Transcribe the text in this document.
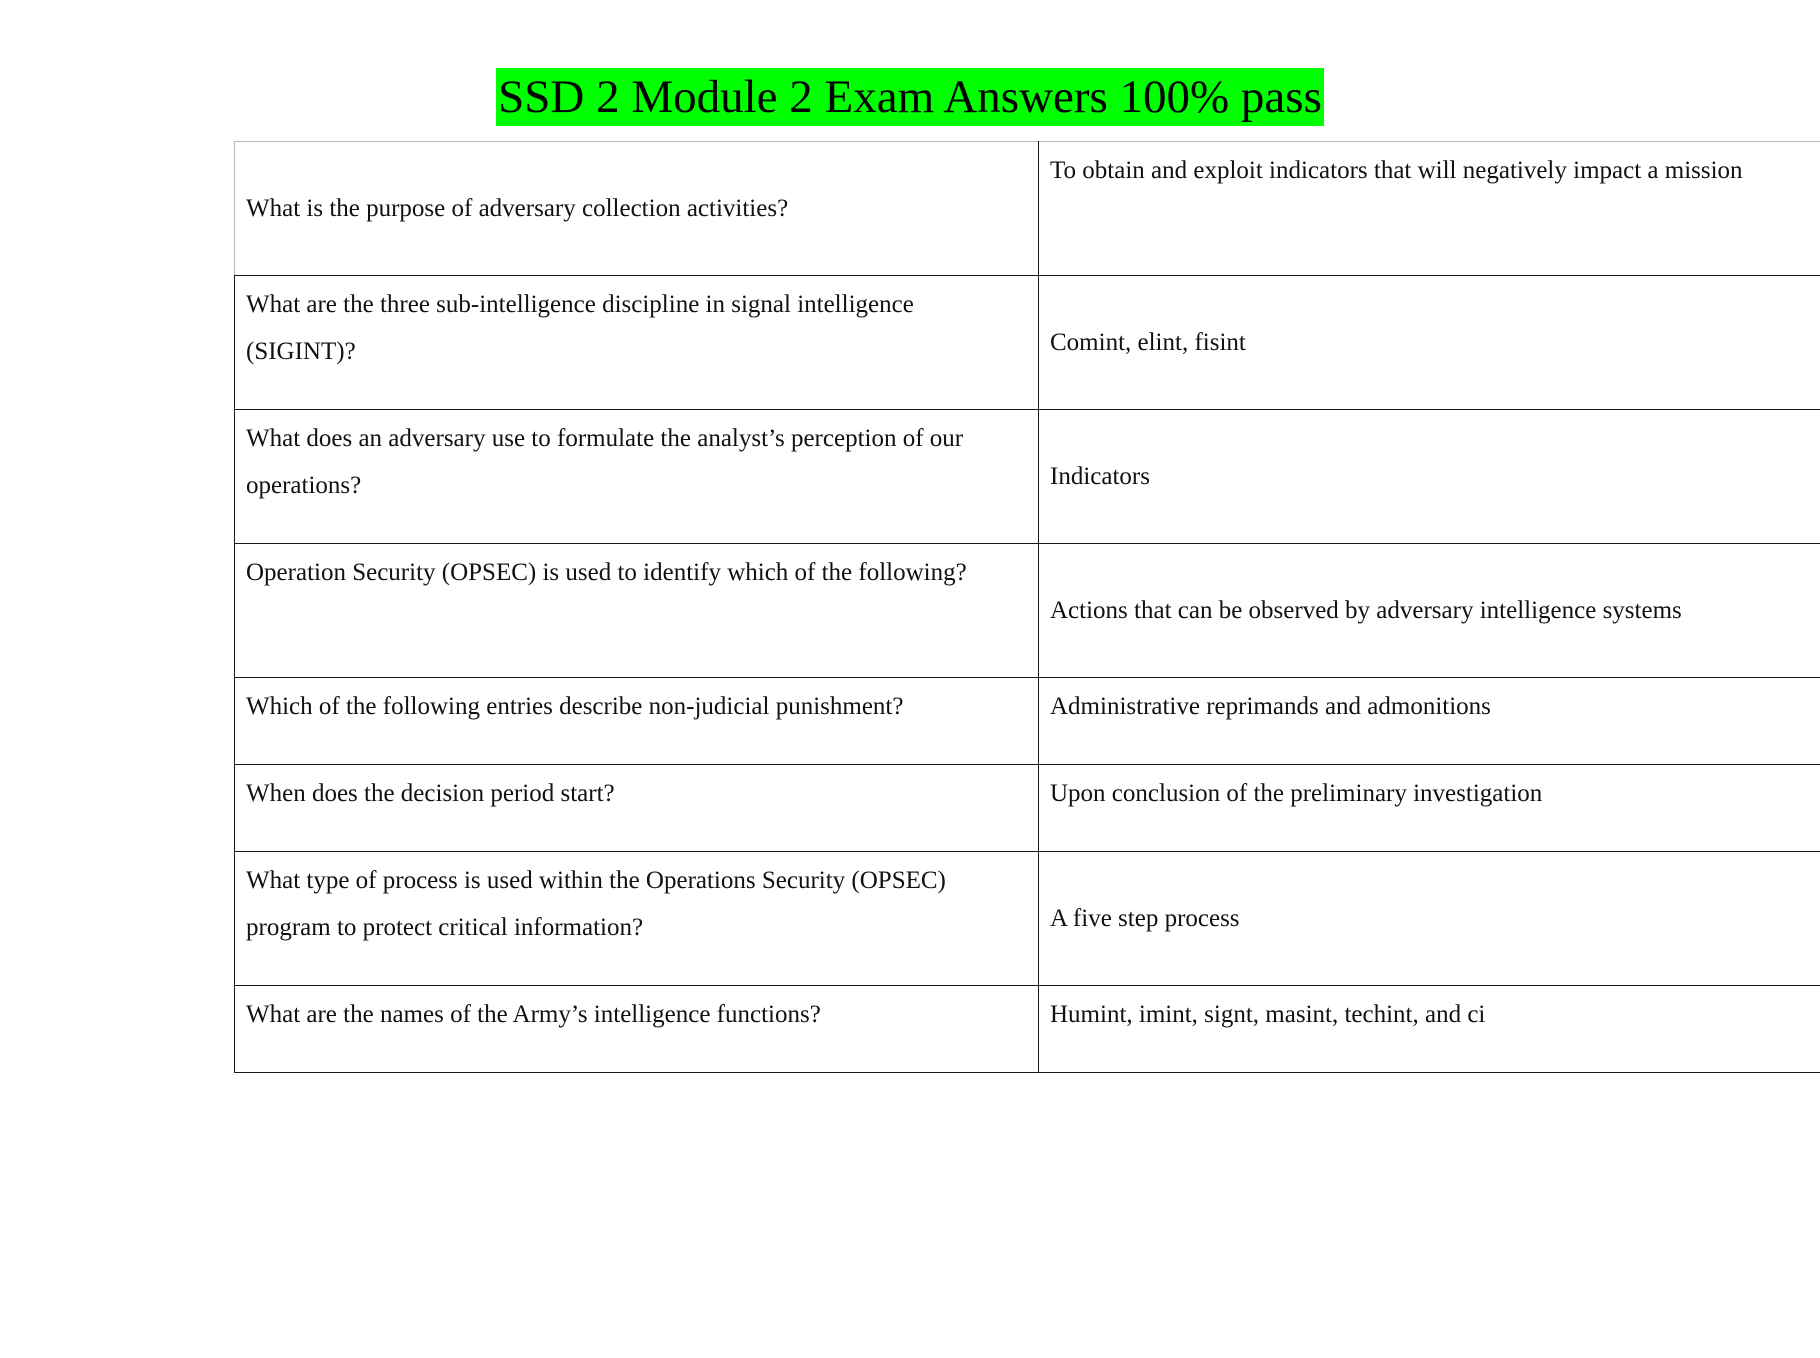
SSD 2 Module 2 Exam Answers 100% pass
What is the purpose of adversary collection activities?	To obtain and exploit indicators that will negatively impact a mission
What are the three sub-intelligence discipline in signal intelligence (SIGINT)?	Comint, elint, fisint
What does an adversary use to formulate the analyst’s perception of our operations?	Indicators
Operation Security (OPSEC) is used to identify which of the following?	Actions that can be observed by adversary intelligence systems
Which of the following entries describe non-judicial punishment?	Administrative reprimands and admonitions
When does the decision period start?	Upon conclusion of the preliminary investigation
What type of process is used within the Operations Security (OPSEC) program to protect critical information?	A five step process
What are the names of the Army’s intelligence functions?	Humint, imint, signt, masint, techint, and ci
